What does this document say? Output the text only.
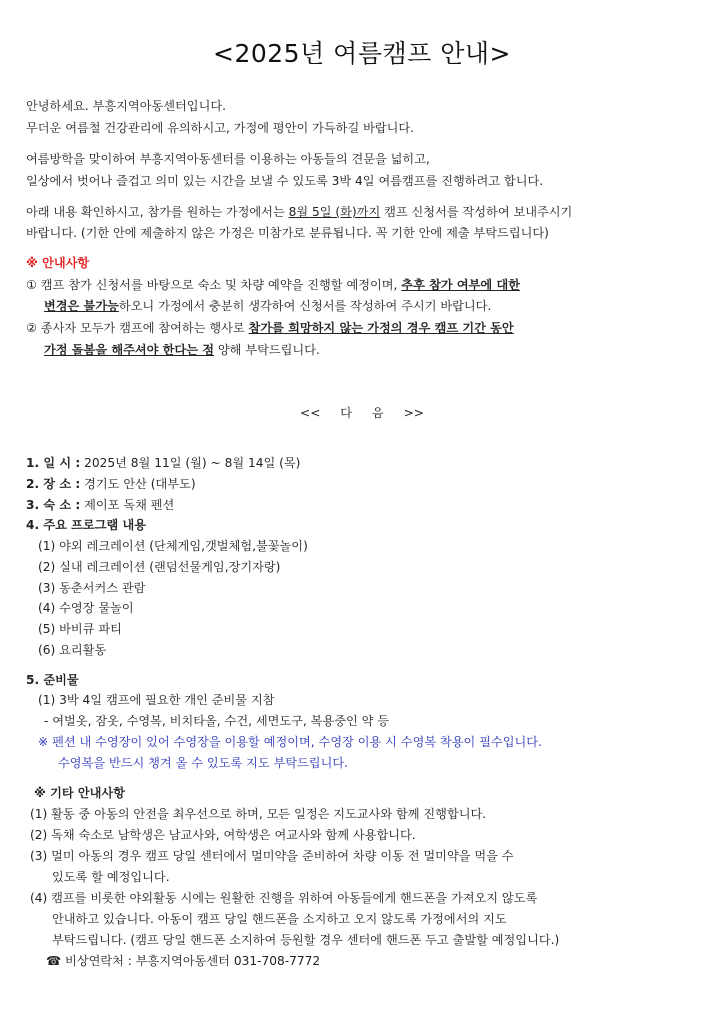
<2025년 여름캠프 안내>
안녕하세요. 부흥지역아동센터입니다.
무더운 여름철 건강관리에 유의하시고, 가정에 평안이 가득하길 바랍니다.
여름방학을 맞이하여 부흥지역아동센터를 이용하는 아동들의 견문을 넓히고,
일상에서 벗어나 즐겁고 의미 있는 시간을 보낼 수 있도록 3박 4일 여름캠프를 진행하려고 합니다.
아래 내용 확인하시고, 참가를 원하는 가정에서는 8월 5일 (화)까지 캠프 신청서를 작성하여 보내주시기
바랍니다. (기한 안에 제출하지 않은 가정은 미참가로 분류됩니다. 꼭 기한 안에 제출 부탁드립니다)
※ 안내사항
① 캠프 참가 신청서를 바탕으로 숙소 및 차량 예약을 진행할 예정이며, 추후 참가 여부에 대한
변경은 불가능하오니 가정에서 충분히 생각하여 신청서를 작성하여 주시기 바랍니다.
② 종사자 모두가 캠프에 참여하는 행사로 참가를 희망하지 않는 가정의 경우 캠프 기간 동안
가정 돌봄을 해주셔야 한다는 점 양해 부탁드립니다.
<< 다 음 >>
1. 일 시 : 2025년 8월 11일 (월) ~ 8월 14일 (목)
2. 장 소 : 경기도 안산 (대부도)
3. 숙 소 : 제이포 독채 펜션
4. 주요 프로그램 내용
(1) 야외 레크레이션 (단체게임,갯벌체험,불꽃놀이)
(2) 실내 레크레이션 (랜덤선물게임,장기자랑)
(3) 동춘서커스 관람
(4) 수영장 물놀이
(5) 바비큐 파티
(6) 요리활동
5. 준비물
(1) 3박 4일 캠프에 필요한 개인 준비물 지참
- 여벌옷, 잠옷, 수영복, 비치타올, 수건, 세면도구, 복용중인 약 등
※ 펜션 내 수영장이 있어 수영장을 이용할 예정이며, 수영장 이용 시 수영복 착용이 필수입니다.
수영복을 반드시 챙겨 올 수 있도록 지도 부탁드립니다.
※ 기타 안내사항
(1) 활동 중 아동의 안전을 최우선으로 하며, 모든 일정은 지도교사와 함께 진행합니다.
(2) 독채 숙소로 남학생은 남교사와, 여학생은 여교사와 함께 사용합니다.
(3) 멀미 아동의 경우 캠프 당일 센터에서 멀미약을 준비하여 차량 이동 전 멀미약을 먹을 수
있도록 할 예정입니다.
(4) 캠프를 비롯한 야외활동 시에는 원활한 진행을 위하여 아동들에게 핸드폰을 가져오지 않도록
안내하고 있습니다. 아동이 캠프 당일 핸드폰을 소지하고 오지 않도록 가정에서의 지도
부탁드립니다. (캠프 당일 핸드폰 소지하여 등원할 경우 센터에 핸드폰 두고 출발할 예정입니다.)
☎ 비상연락처 : 부흥지역아동센터 031-708-7772
